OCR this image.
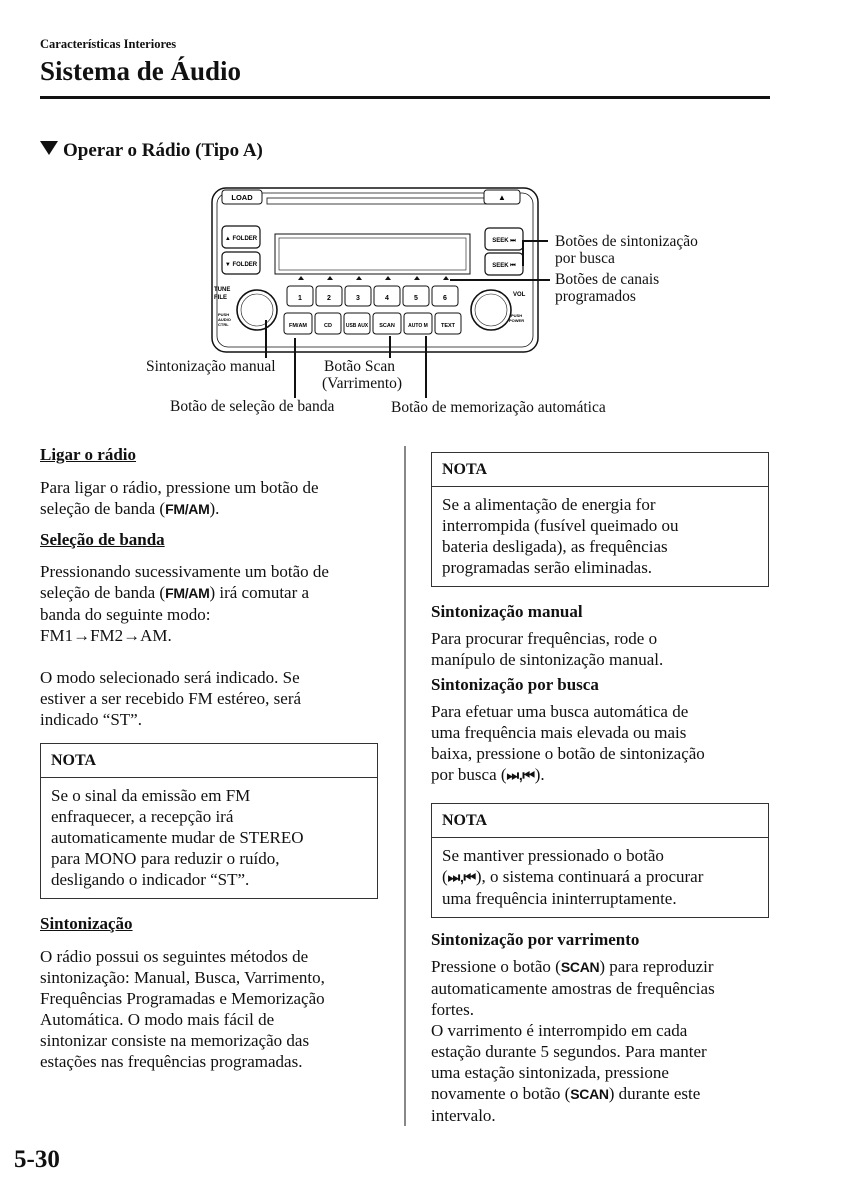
Características Interiores
Sistema de Áudio
Operar o Rádio (Tipo A)
LOAD	▲
▲ FOLDER
▼ FOLDER
SEEK ⏭
SEEK ⏮
TUNE
FILE
PUSH
AUDIO
CTRL
VOL
PUSH
POWER
1	2	3	4	5	6
FM/AM	CD	USB AUX SCAN	AUTO M TEXT
Botões de sintonização
por busca
Botões de canais
programados
Sintonização manual	Botão Scan
(Varrimento)
Botão de seleção de banda	Botão de memorização automática
Ligar o rádio
Para ligar o rádio, pressione um botão de
seleção de banda (FM/AM).
Seleção de banda
Pressionando sucessivamente um botão de
seleção de banda (FM/AM) irá comutar a
banda do seguinte modo:
FM1→FM2→AM.
O modo selecionado será indicado. Se
estiver a ser recebido FM estéreo, será
indicado “ST”.
NOTA
Se o sinal da emissão em FM
enfraquecer, a recepção irá
automaticamente mudar de STEREO
para MONO para reduzir o ruído,
desligando o indicador “ST”.
Sintonização
O rádio possui os seguintes métodos de
sintonização: Manual, Busca, Varrimento,
Frequências Programadas e Memorização
Automática. O modo mais fácil de
sintonizar consiste na memorização das
estações nas frequências programadas.
NOTA
Se a alimentação de energia for
interrompida (fusível queimado ou
bateria desligada), as frequências
programadas serão eliminadas.
Sintonização manual
Para procurar frequências, rode o
manípulo de sintonização manual.
Sintonização por busca
Para efetuar uma busca automática de
uma frequência mais elevada ou mais
baixa, pressione o botão de sintonização
por busca (⏭,⏮).
NOTA
Se mantiver pressionado o botão
(⏭,⏮), o sistema continuará a procurar
uma frequência ininterruptamente.
Sintonização por varrimento
Pressione o botão (SCAN) para reproduzir
automaticamente amostras de frequências
fortes.
O varrimento é interrompido em cada
estação durante 5 segundos. Para manter
uma estação sintonizada, pressione
novamente o botão (SCAN) durante este
intervalo.
5-30
